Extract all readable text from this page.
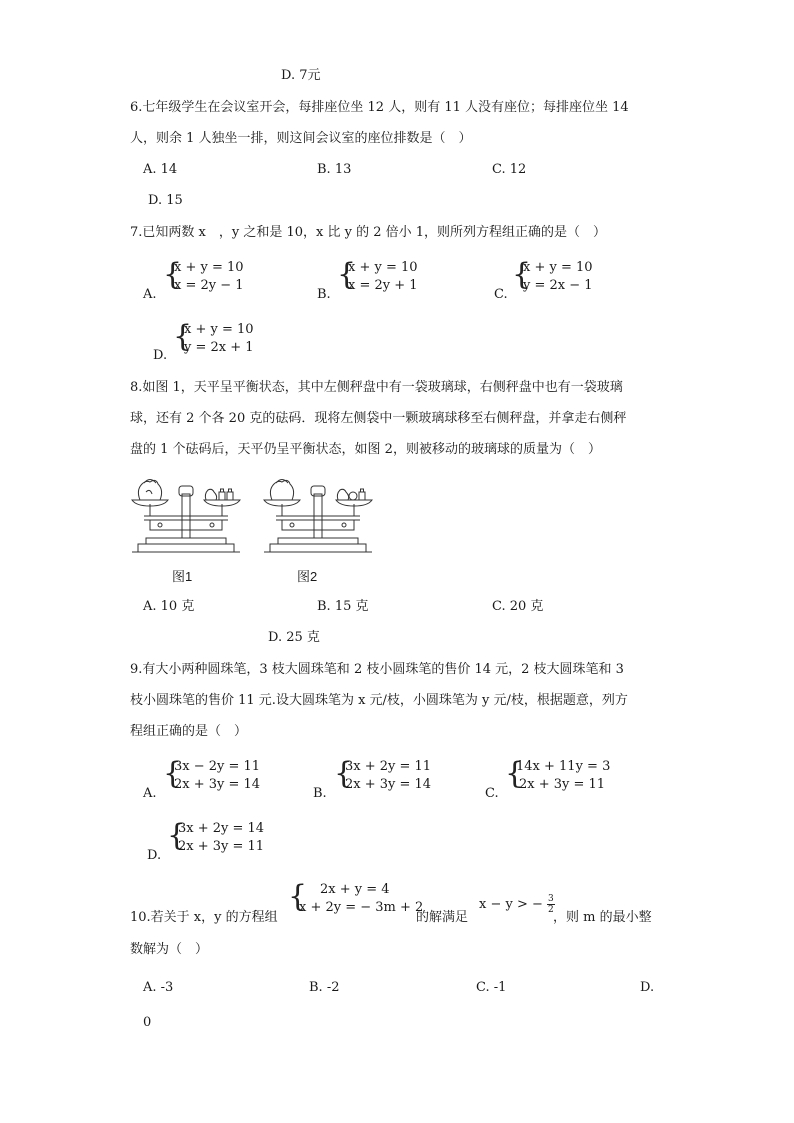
D. 7元
6.七年级学生在会议室开会，每排座位坐 12 人，则有 11 人没有座位；每排座位坐 14
人，则余 1 人独坐一排，则这间会议室的座位排数是（　）
A. 14	B. 13	C. 12
D. 15
7.已知两数 x　，y 之和是 10，x 比 y 的 2 倍小 1，则所列方程组正确的是（　）
A.
{
x + y = 10
x = 2y − 1
B.
{
x + y = 10
x = 2y + 1
C.
{
x + y = 10
y = 2x − 1
D.
{
x + y = 10
y = 2x + 1
8.如图 1，天平呈平衡状态，其中左侧秤盘中有一袋玻璃球，右侧秤盘中也有一袋玻璃
球，还有 2 个各 20 克的砝码．现将左侧袋中一颗玻璃球移至右侧秤盘，并拿走右侧秤
盘的 1 个砝码后，天平仍呈平衡状态，如图 2，则被移动的玻璃球的质量为（　）
图1	图2
A. 10 克	B. 15 克	C. 20 克
D. 25 克
9.有大小两种圆珠笔，3 枝大圆珠笔和 2 枝小圆珠笔的售价 14 元，2 枝大圆珠笔和 3
枝小圆珠笔的售价 11 元.设大圆珠笔为 x 元/枝，小圆珠笔为 y 元/枝，根据题意，列方
程组正确的是（　）
A.
{
3x − 2y = 11
2x + 3y = 14
B.
{
3x + 2y = 11
2x + 3y = 14
C.
{
14x + 11y = 3
2x + 3y = 11
D.
{
3x + 2y = 14
2x + 3y = 11
10.若关于 x，y 的方程组
{ 2x + y = 4
x + 2y = − 3m + 2
的解满足
x − y > − $\frac{3}{2}$
，则 m 的最小整
数解为（　）
A. -3	B. -2	C. -1	D.
0
